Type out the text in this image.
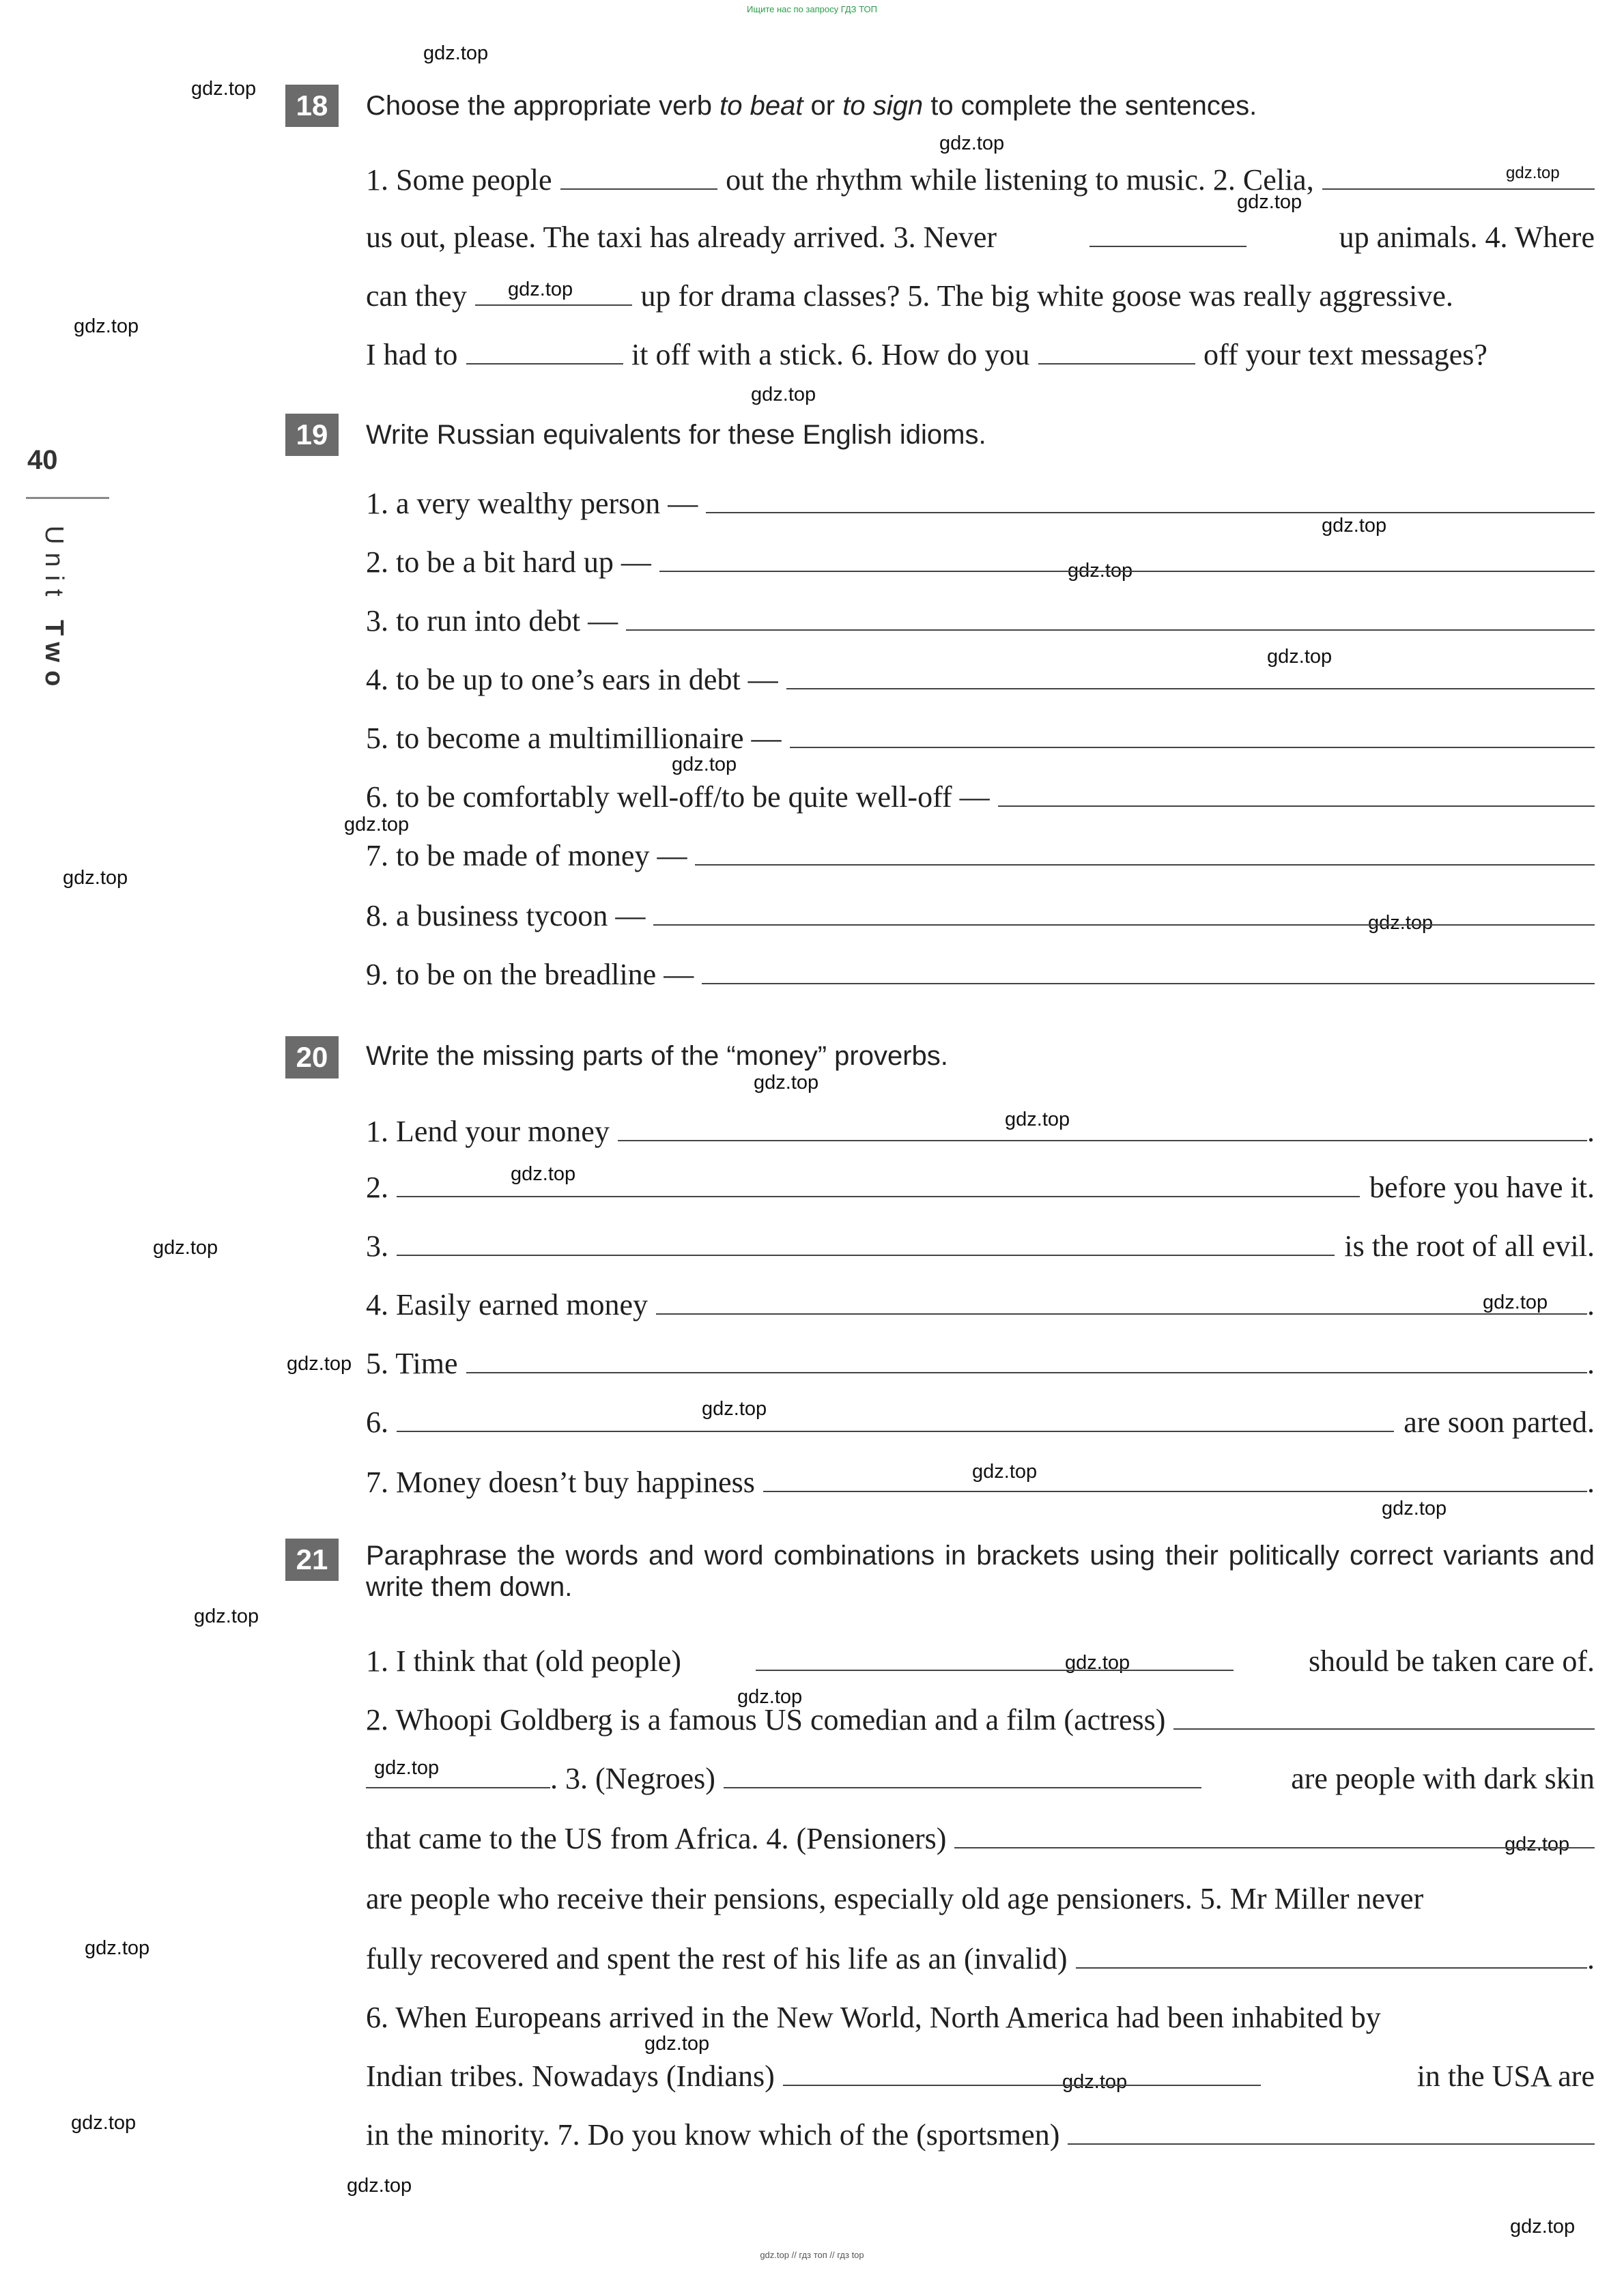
Ищите нас по запросу ГДЗ ТОП
gdz.top // гдз топ // гдз top
40
Unit Two
gdz.top
gdz.top
gdz.top
gdz.top
gdz.top
gdz.top
gdz.top
gdz.top
gdz.top
gdz.top
gdz.top
gdz.top
gdz.top
gdz.top
gdz.top
gdz.top
gdz.top
gdz.top
gdz.top
gdz.top
gdz.top
gdz.top
gdz.top
gdz.top
gdz.top
gdz.top
gdz.top
gdz.top
gdz.top
gdz.top
gdz.top
gdz.top
gdz.top
gdz.top
gdz.top
18	Choose the appropriate verb to beat or to sign to complete the sentences.
1. Some people	out the rhythm while listening to music. 2. Celia,
us out, please. The taxi has already arrived. 3. Never	up animals. 4. Where
can they	up for drama classes? 5. The big white goose was really aggressive.
I had to	it off with a stick. 6. How do you	off your text messages?
19	Write Russian equivalents for these English idioms.
1. a very wealthy person —
2. to be a bit hard up —
3. to run into debt —
4. to be up to one’s ears in debt —
5. to become a multimillionaire —
6. to be comfortably well-off/to be quite well-off —
7. to be made of money —
8. a business tycoon —
9. to be on the breadline —
20	Write the missing parts of the “money” proverbs.
1. Lend your money	.
2.	before you have it.
3.	is the root of all evil.
4. Easily earned money	.
5. Time	.
6.	are soon parted.
7. Money doesn’t buy happiness	.
21	Paraphrase the words and word combinations in brackets using their politically correct variants and write them down.
1. I think that (old people)	should be taken care of.
2. Whoopi Goldberg is a famous US comedian and a film (actress)
. 3. (Negroes)	are people with dark skin
that came to the US from Africa. 4. (Pensioners)
are people who receive their pensions, especially old age pensioners. 5. Mr Miller never
fully recovered and spent the rest of his life as an (invalid)	.
6. When Europeans arrived in the New World, North America had been inhabited by
Indian tribes. Nowadays (Indians)	in the USA are
in the minority. 7. Do you know which of the (sportsmen)
